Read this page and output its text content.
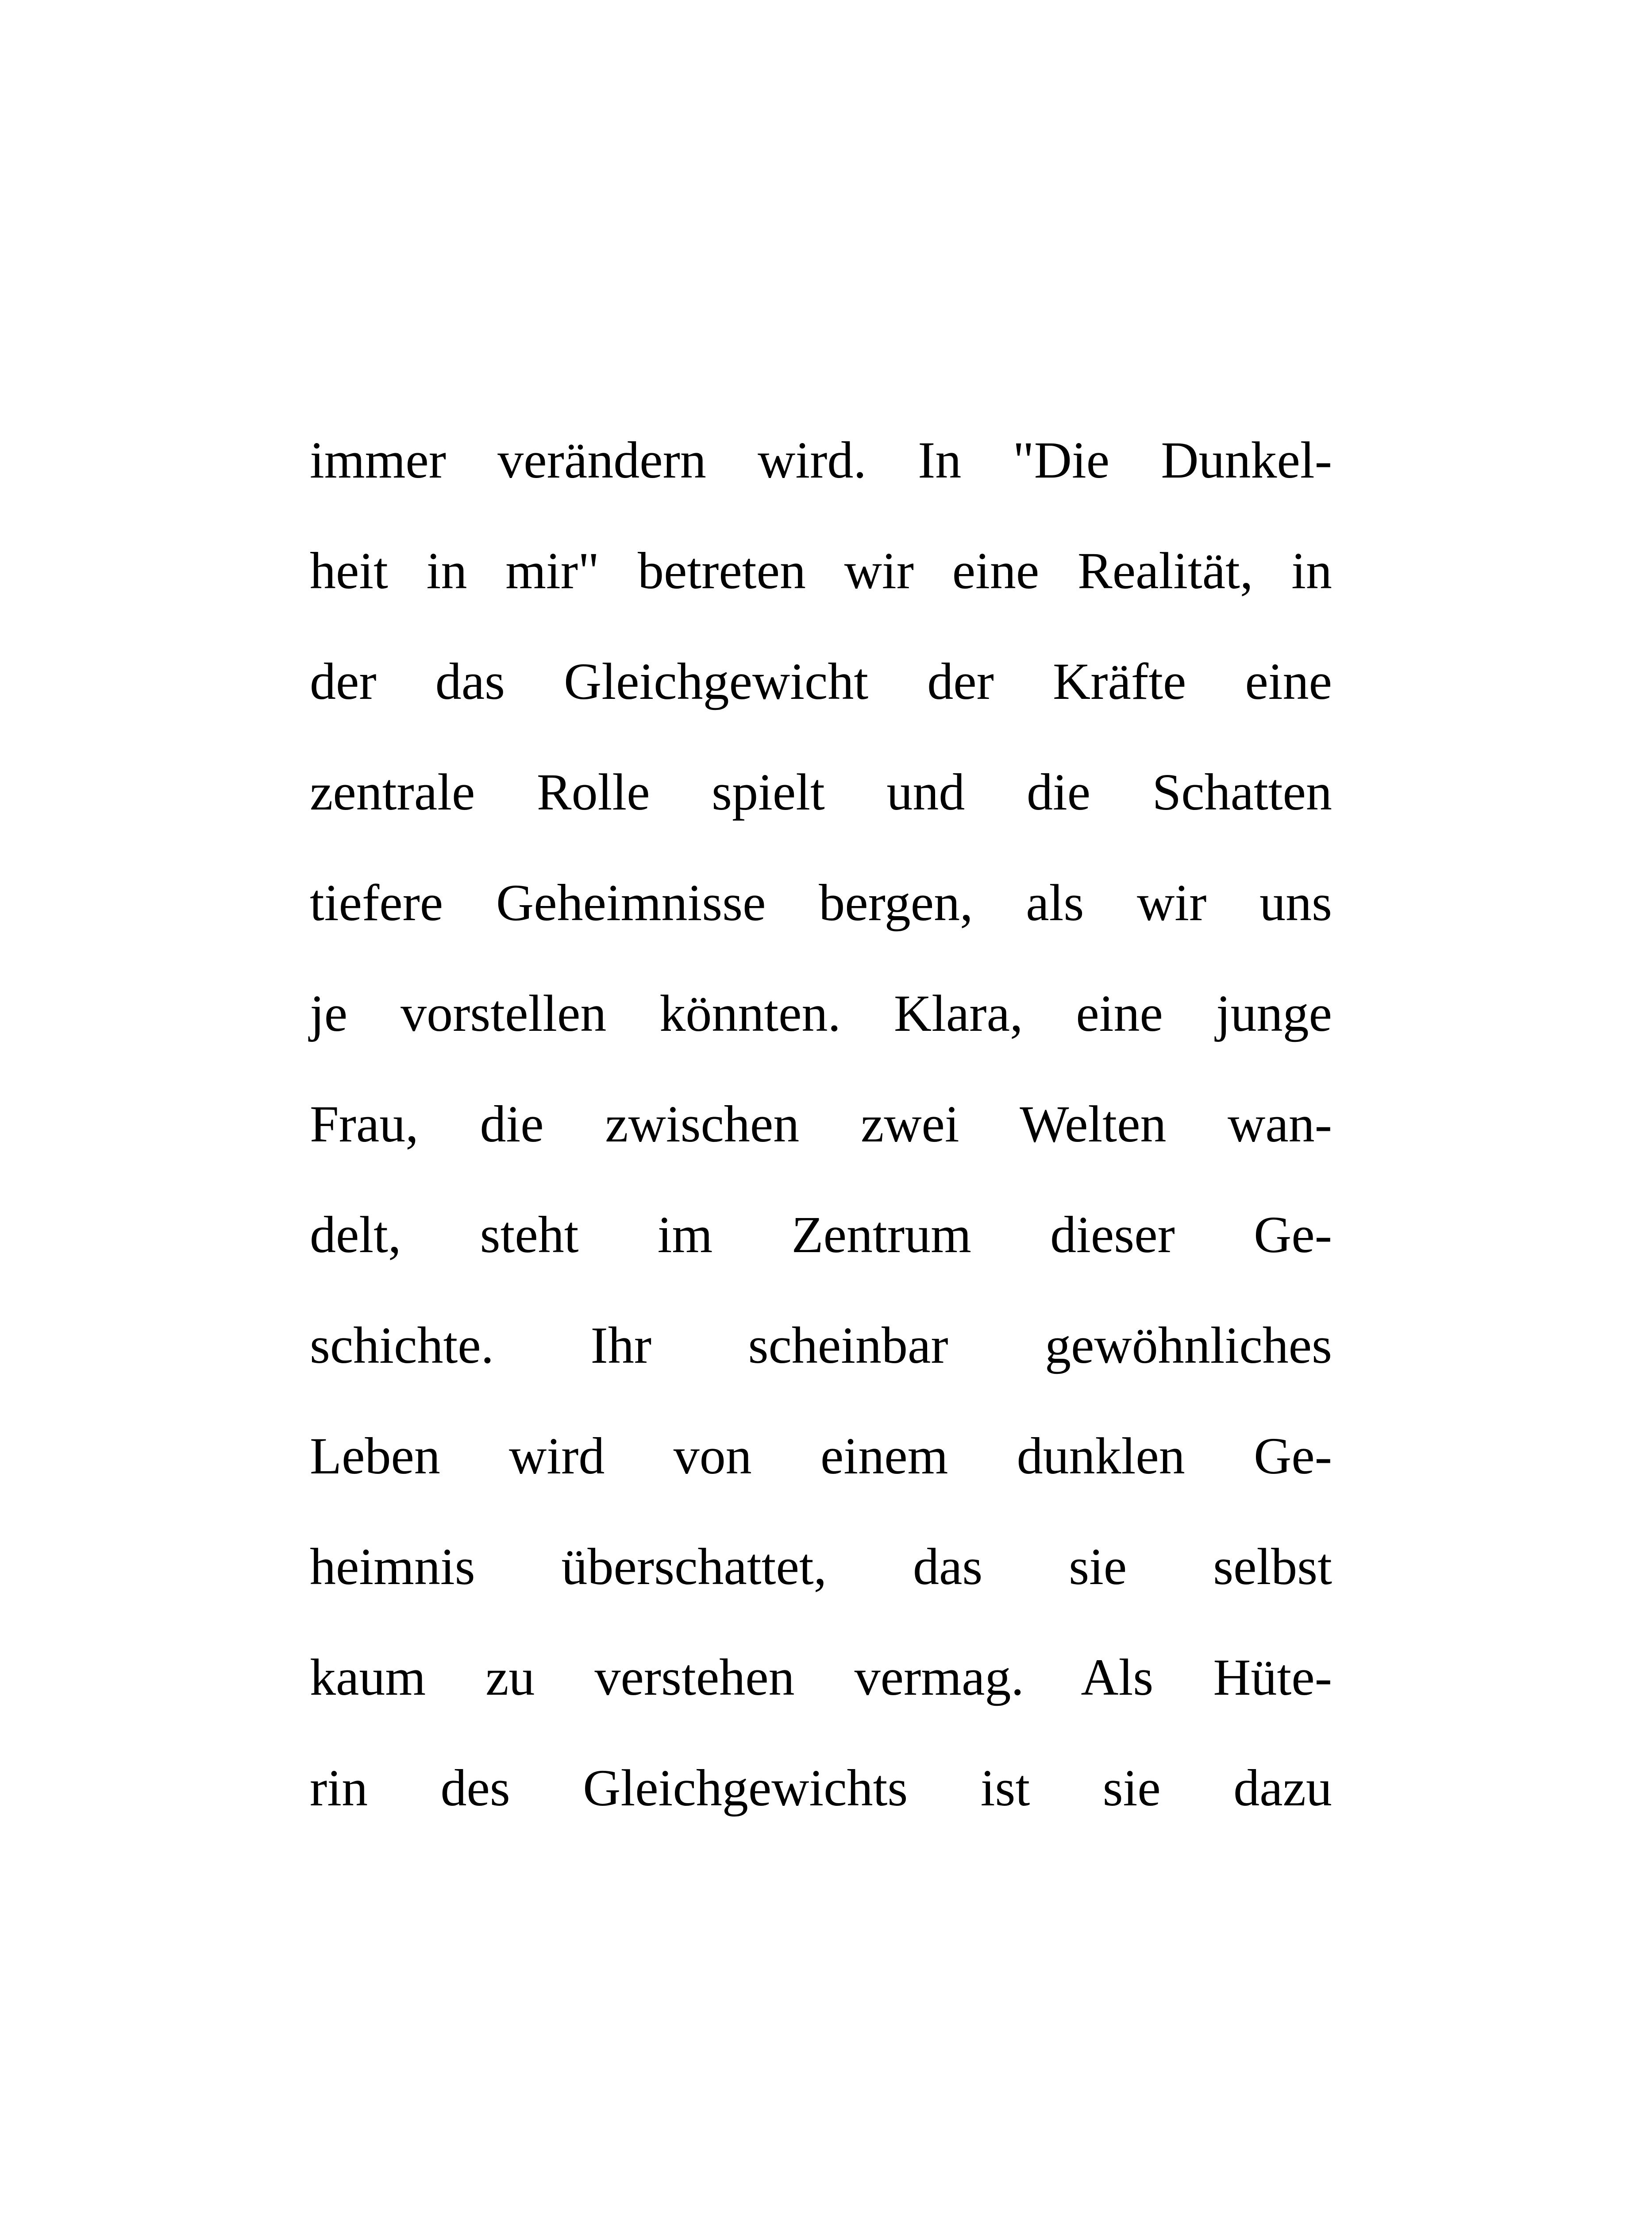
immer verändern wird. In "Die Dunkel-
heit in mir" betreten wir eine Realität, in
der das Gleichgewicht der Kräfte eine
zentrale Rolle spielt und die Schatten
tiefere Geheimnisse bergen, als wir uns
je vorstellen könnten. Klara, eine junge
Frau, die zwischen zwei Welten wan-
delt, steht im Zentrum dieser Ge-
schichte. Ihr scheinbar gewöhnliches
Leben wird von einem dunklen Ge-
heimnis überschattet, das sie selbst
kaum zu verstehen vermag. Als Hüte-
rin des Gleichgewichts ist sie dazu
